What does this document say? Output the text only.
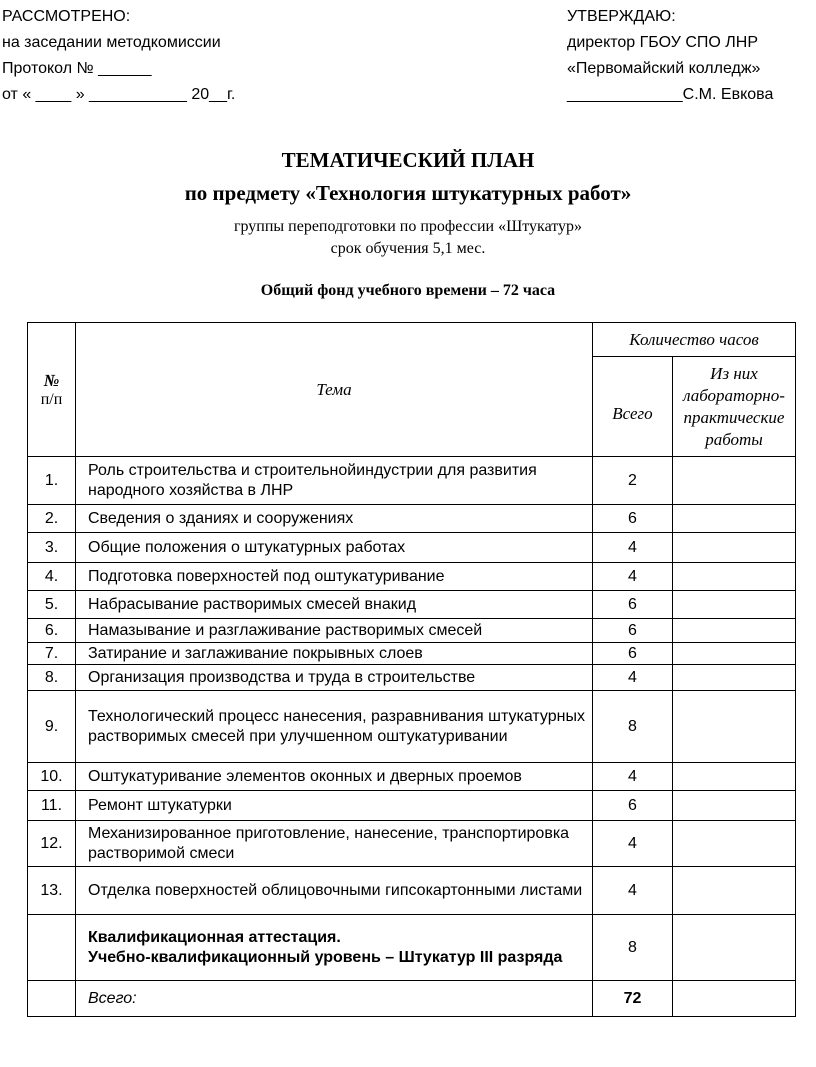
РАССМОТРЕНО:
на заседании методкомиссии
Протокол № ______
от « ____ » ___________ 20__г.
УТВЕРЖДАЮ:
директор ГБОУ СПО ЛНР
«Первомайский колледж»
_____________С.М. Евкова
ТЕМАТИЧЕСКИЙ ПЛАН
по предмету «Технология штукатурных работ»
группы переподготовки по профессии «Штукатур»
срок обучения 5,1 мес.
Общий фонд учебного времени – 72 часа
№
п/п	Тема	Количество часов	
		Всего	Из них лабораторно-практические работы
1.	Роль строительства и строительнойиндустрии для развития народного хозяйства в ЛНР	2	
2.	Сведения о зданиях и сооружениях	6	
3.	Общие положения о штукатурных работах	4	
4.	Подготовка поверхностей под оштукатуривание	4	
5.	Набрасывание растворимых смесей внакид	6	
6.	Намазывание и разглаживание растворимых смесей	6	
7.	Затирание и заглаживание покрывных слоев	6	
8.	Организация производства и труда в строительстве	4	
9.	Технологический процесс нанесения, разравнивания штукатурных растворимых смесей при улучшенном оштукатуривании	8	
10.	Оштукатуривание элементов оконных и дверных проемов	4	
11.	Ремонт штукатурки	6	
12.	Механизированное приготовление, нанесение, транспортировка растворимой смеси	4	
13.	Отделка поверхностей облицовочными гипсокартонными листами	4	

	Квалификационная аттестация.
Учебно-квалификационный уровень – Штукатур III разряда	8	
	Всего:	72	
